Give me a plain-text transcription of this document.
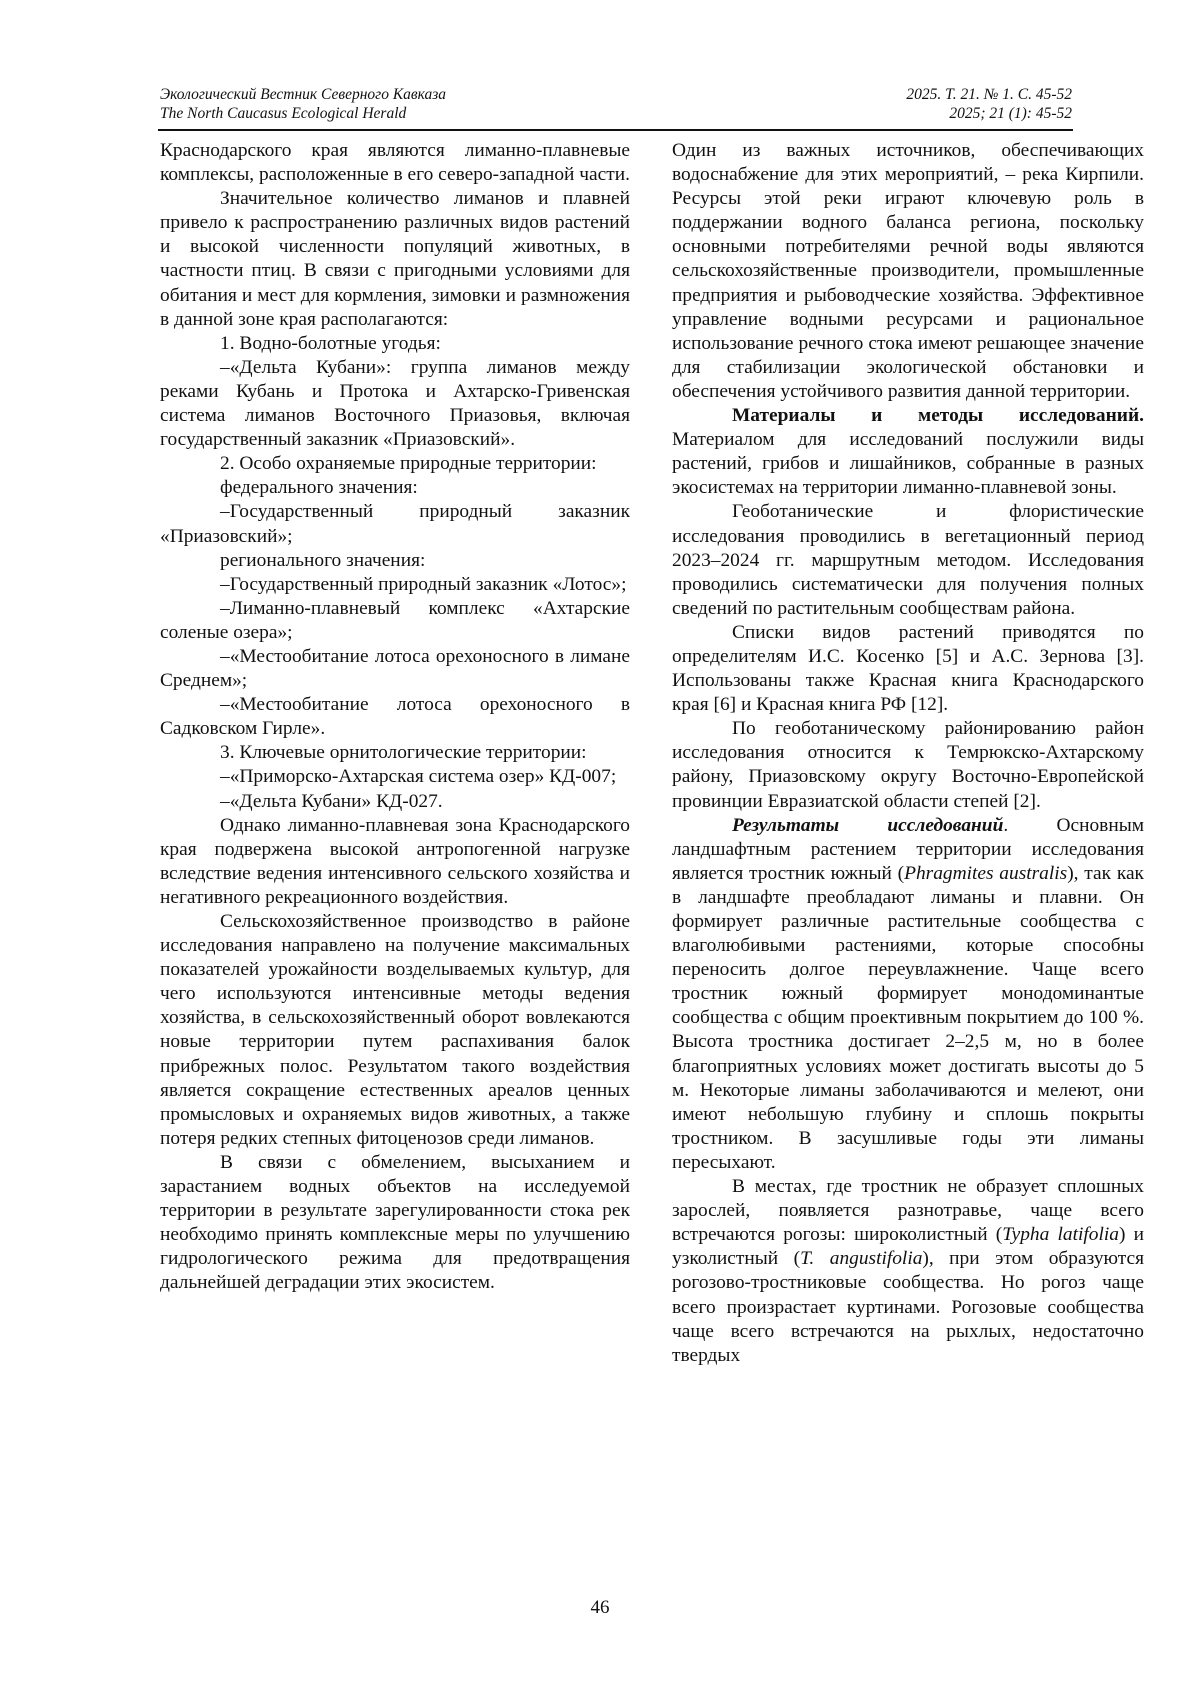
Экологический Вестник Северного Кавказа
The North Caucasus Ecological Herald
2025. Т. 21. № 1. С. 45-52
2025; 21 (1): 45-52

Краснодарского края являются лиманно-плавневые комплексы, расположенные в его северо-западной части.

Значительное количество лиманов и плавней привело к распространению различных видов растений и высокой численности популяций животных, в частности птиц. В связи с пригодными условиями для обитания и мест для кормления, зимовки и размножения в данной зоне края располагаются:

1. Водно-болотные угодья:

–«Дельта Кубани»: группа лиманов между реками Кубань и Протока и Ахтарско-Гривенская система лиманов Восточного Приазовья, включая государственный заказник «Приазовский».

2. Особо охраняемые природные территории:

федерального значения:

–Государственный природный заказник «Приазовский»;

регионального значения:

–Государственный природный заказник «Лотос»;

–Лиманно-плавневый комплекс «Ахтарские соленые озера»;

–«Местообитание лотоса орехоносного в лимане Среднем»;

–«Местообитание лотоса орехоносного в Садковском Гирле».

3. Ключевые орнитологические территории:

–«Приморско-Ахтарская система озер» КД-007;

–«Дельта Кубани» КД-027.

Однако лиманно-плавневая зона Краснодарского края подвержена высокой антропогенной нагрузке вследствие ведения интенсивного сельского хозяйства и негативного рекреационного воздействия.

Сельскохозяйственное производство в районе исследования направлено на получение максимальных показателей урожайности возделываемых культур, для чего используются интенсивные методы ведения хозяйства, в сельскохозяйственный оборот вовлекаются новые территории путем распахивания балок прибрежных полос. Результатом такого воздействия является сокращение естественных ареалов ценных промысловых и охраняемых видов животных, а также потеря редких степных фитоценозов среди лиманов.

В связи с обмелением, высыханием и зарастанием водных объектов на исследуемой территории в результате зарегулированности стока рек необходимо принять комплексные меры по улучшению гидрологического режима для предотвращения дальнейшей деградации этих экосистем.

Один из важных источников, обеспечивающих водоснабжение для этих мероприятий, – река Кирпили. Ресурсы этой реки играют ключевую роль в поддержании водного баланса региона, поскольку основными потребителями речной воды являются сельскохозяйственные производители, промышленные предприятия и рыбоводческие хозяйства. Эффективное управление водными ресурсами и рациональное использование речного стока имеют решающее значение для стабилизации экологической обстановки и обеспечения устойчивого развития данной территории.

Материалы и методы исследований. Материалом для исследований послужили виды растений, грибов и лишайников, собранные в разных экосистемах на территории лиманно-плавневой зоны.

Геоботанические и флористические исследования проводились в вегетационный период 2023–2024 гг. маршрутным методом. Исследования проводились систематически для получения полных сведений по растительным сообществам района.

Списки видов растений приводятся по определителям И.С. Косенко [5] и А.С. Зернова [3]. Использованы также Красная книга Краснодарского края [6] и Красная книга РФ [12].

По геоботаническому районированию район исследования относится к Темрюкско-Ахтарскому району, Приазовскому округу Восточно-Европейской провинции Евразиатской области степей [2].

Результаты исследований. Основным ландшафтным растением территории исследования является тростник южный (Phragmites australis), так как в ландшафте преобладают лиманы и плавни. Он формирует различные растительные сообщества с влаголюбивыми растениями, которые способны переносить долгое переувлажнение. Чаще всего тростник южный формирует монодоминантые сообщества с общим проективным покрытием до 100 %. Высота тростника достигает 2–2,5 м, но в более благоприятных условиях может достигать высоты до 5 м. Некоторые лиманы заболачиваются и мелеют, они имеют небольшую глубину и сплошь покрыты тростником. В засушливые годы эти лиманы пересыхают.

В местах, где тростник не образует сплошных зарослей, появляется разнотравье, чаще всего встречаются рогозы: широколистный (Typha latifolia) и узколистный (T. angustifolia), при этом образуются рогозово-тростниковые сообщества. Но рогоз чаще всего произрастает куртинами. Рогозовые сообщества чаще всего встречаются на рыхлых, недостаточно твердых

46
